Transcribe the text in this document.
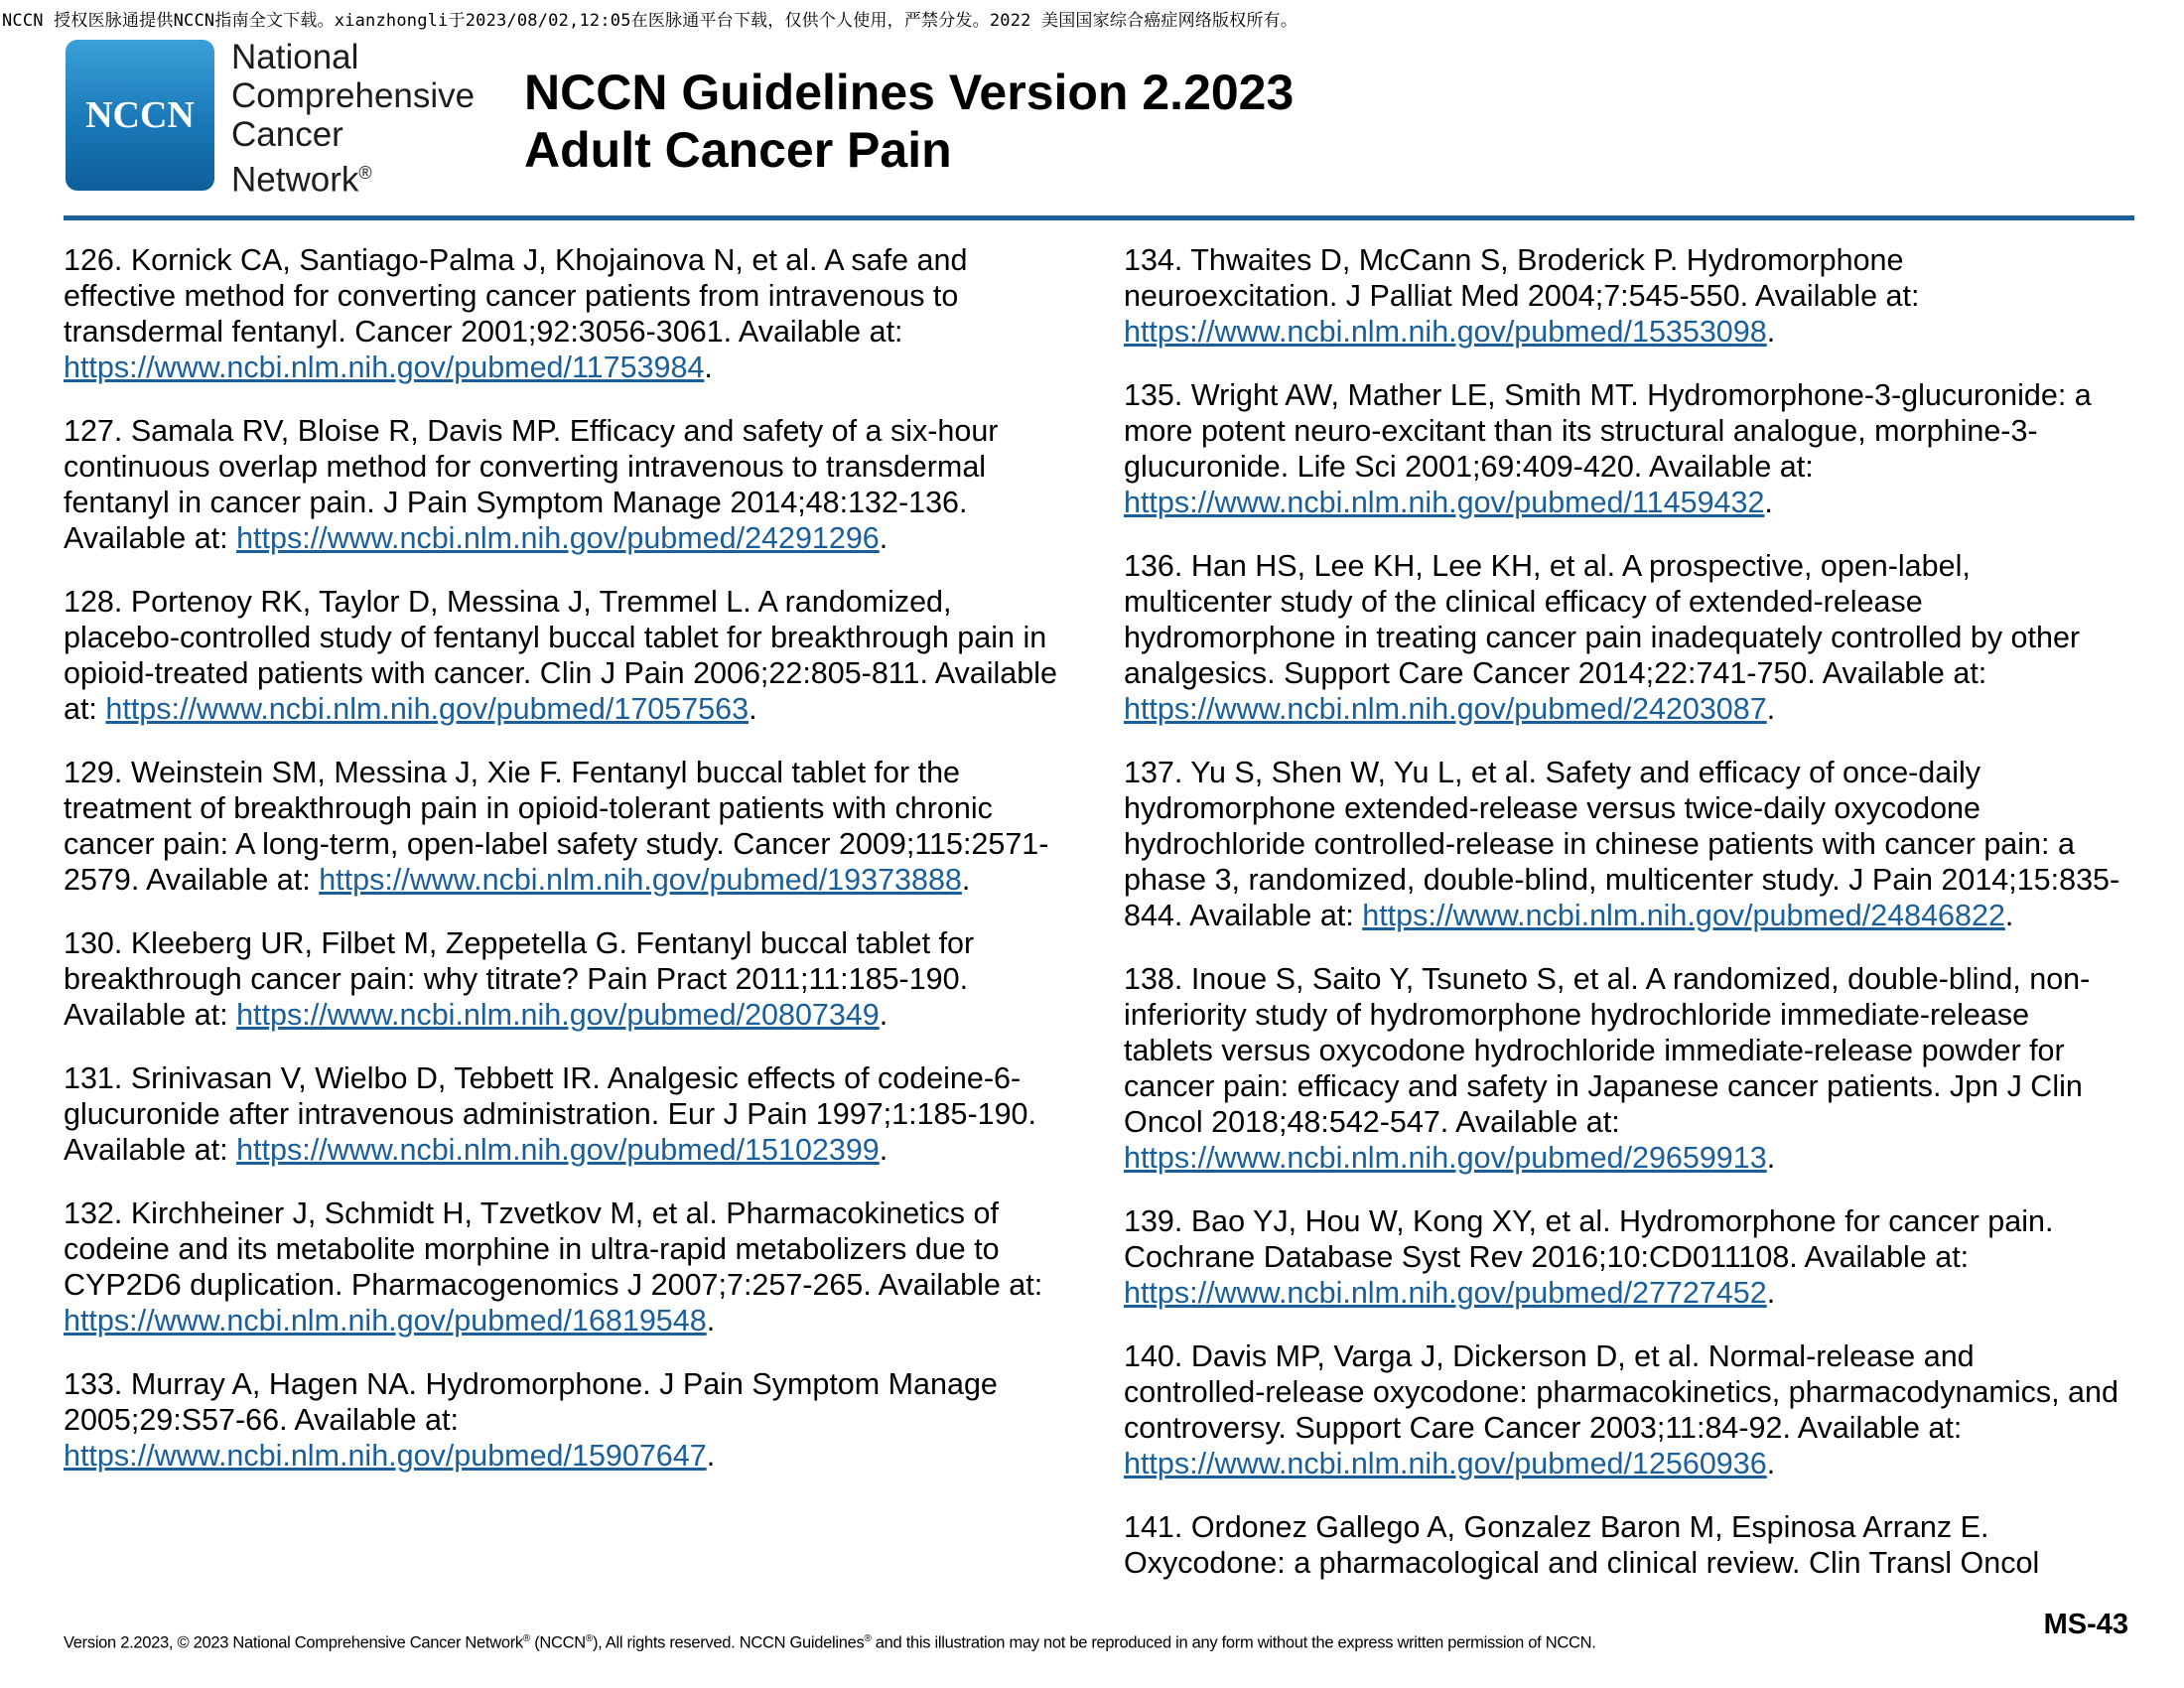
NCCN 授权医脉通提供NCCN指南全文下载。xianzhongli于2023/08/02,12:05在医脉通平台下载，仅供个人使用，严禁分发。2022 美国国家综合癌症网络版权所有。
NCCN
National
Comprehensive
Cancer
Network®
NCCN Guidelines Version 2.2023
Adult Cancer Pain
126. Kornick CA, Santiago-Palma J, Khojainova N, et al. A safe and
effective method for converting cancer patients from intravenous to
transdermal fentanyl. Cancer 2001;92:3056-3061. Available at:
https://www.ncbi.nlm.nih.gov/pubmed/11753984.
127. Samala RV, Bloise R, Davis MP. Efficacy and safety of a six-hour
continuous overlap method for converting intravenous to transdermal
fentanyl in cancer pain. J Pain Symptom Manage 2014;48:132-136.
Available at: https://www.ncbi.nlm.nih.gov/pubmed/24291296.
128. Portenoy RK, Taylor D, Messina J, Tremmel L. A randomized,
placebo-controlled study of fentanyl buccal tablet for breakthrough pain in
opioid-treated patients with cancer. Clin J Pain 2006;22:805-811. Available
at: https://www.ncbi.nlm.nih.gov/pubmed/17057563.
129. Weinstein SM, Messina J, Xie F. Fentanyl buccal tablet for the
treatment of breakthrough pain in opioid-tolerant patients with chronic
cancer pain: A long-term, open-label safety study. Cancer 2009;115:2571-
2579. Available at: https://www.ncbi.nlm.nih.gov/pubmed/19373888.
130. Kleeberg UR, Filbet M, Zeppetella G. Fentanyl buccal tablet for
breakthrough cancer pain: why titrate? Pain Pract 2011;11:185-190.
Available at: https://www.ncbi.nlm.nih.gov/pubmed/20807349.
131. Srinivasan V, Wielbo D, Tebbett IR. Analgesic effects of codeine-6-
glucuronide after intravenous administration. Eur J Pain 1997;1:185-190.
Available at: https://www.ncbi.nlm.nih.gov/pubmed/15102399.
132. Kirchheiner J, Schmidt H, Tzvetkov M, et al. Pharmacokinetics of
codeine and its metabolite morphine in ultra-rapid metabolizers due to
CYP2D6 duplication. Pharmacogenomics J 2007;7:257-265. Available at:
https://www.ncbi.nlm.nih.gov/pubmed/16819548.
133. Murray A, Hagen NA. Hydromorphone. J Pain Symptom Manage
2005;29:S57-66. Available at:
https://www.ncbi.nlm.nih.gov/pubmed/15907647.
134. Thwaites D, McCann S, Broderick P. Hydromorphone
neuroexcitation. J Palliat Med 2004;7:545-550. Available at:
https://www.ncbi.nlm.nih.gov/pubmed/15353098.
135. Wright AW, Mather LE, Smith MT. Hydromorphone-3-glucuronide: a
more potent neuro-excitant than its structural analogue, morphine-3-
glucuronide. Life Sci 2001;69:409-420. Available at:
https://www.ncbi.nlm.nih.gov/pubmed/11459432.
136. Han HS, Lee KH, Lee KH, et al. A prospective, open-label,
multicenter study of the clinical efficacy of extended-release
hydromorphone in treating cancer pain inadequately controlled by other
analgesics. Support Care Cancer 2014;22:741-750. Available at:
https://www.ncbi.nlm.nih.gov/pubmed/24203087.
137. Yu S, Shen W, Yu L, et al. Safety and efficacy of once-daily
hydromorphone extended-release versus twice-daily oxycodone
hydrochloride controlled-release in chinese patients with cancer pain: a
phase 3, randomized, double-blind, multicenter study. J Pain 2014;15:835-
844. Available at: https://www.ncbi.nlm.nih.gov/pubmed/24846822.
138. Inoue S, Saito Y, Tsuneto S, et al. A randomized, double-blind, non-
inferiority study of hydromorphone hydrochloride immediate-release
tablets versus oxycodone hydrochloride immediate-release powder for
cancer pain: efficacy and safety in Japanese cancer patients. Jpn J Clin
Oncol 2018;48:542-547. Available at:
https://www.ncbi.nlm.nih.gov/pubmed/29659913.
139. Bao YJ, Hou W, Kong XY, et al. Hydromorphone for cancer pain.
Cochrane Database Syst Rev 2016;10:CD011108. Available at:
https://www.ncbi.nlm.nih.gov/pubmed/27727452.
140. Davis MP, Varga J, Dickerson D, et al. Normal-release and
controlled-release oxycodone: pharmacokinetics, pharmacodynamics, and
controversy. Support Care Cancer 2003;11:84-92. Available at:
https://www.ncbi.nlm.nih.gov/pubmed/12560936.
141. Ordonez Gallego A, Gonzalez Baron M, Espinosa Arranz E.
Oxycodone: a pharmacological and clinical review. Clin Transl Oncol
Version 2.2023, © 2023 National Comprehensive Cancer Network® (NCCN®), All rights reserved. NCCN Guidelines® and this illustration may not be reproduced in any form without the express written permission of NCCN.
MS-43
